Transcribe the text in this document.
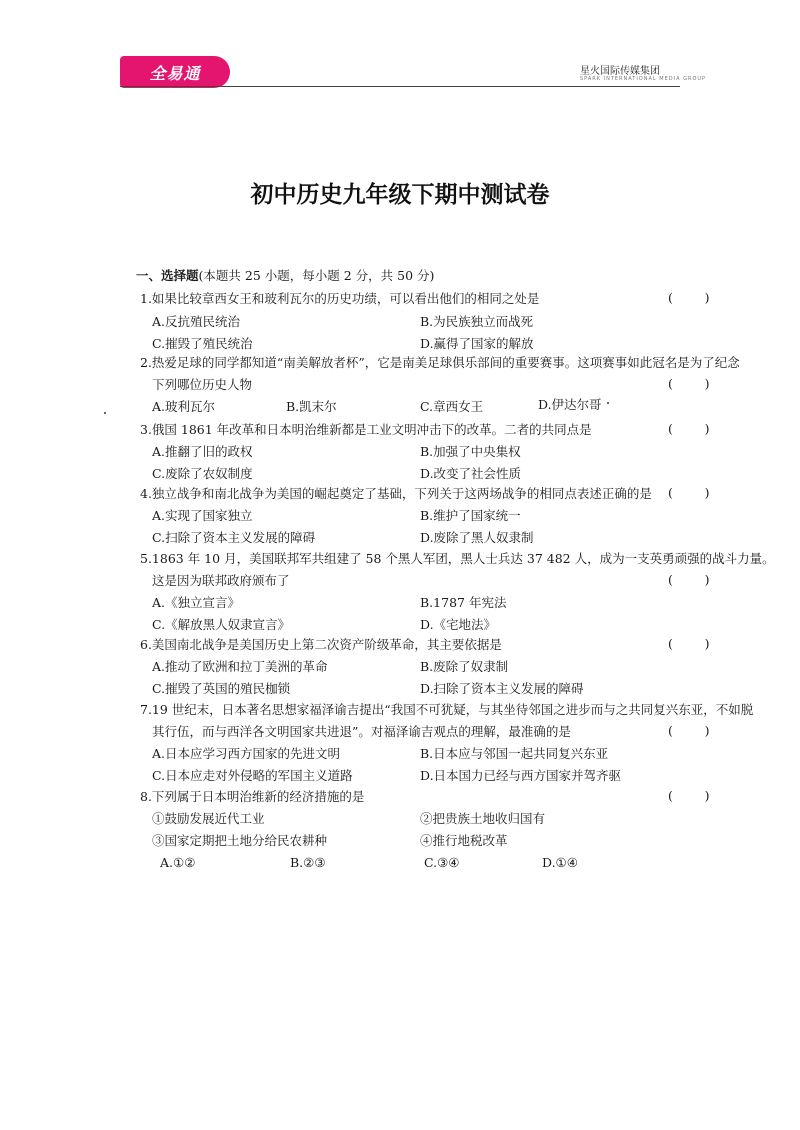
全易通	星火国际传媒集团
SPARK INTERNATIONAL MEDIA GROUP
初中历史九年级下期中测试卷
一、选择题(本题共 25 小题，每小题 2 分，共 50 分)
1.如果比较章西女王和玻利瓦尔的历史功绩，可以看出他们的相同之处是	(        )
A.反抗殖民统治	B.为民族独立而战死
C.摧毁了殖民统治	D.赢得了国家的解放
2.热爱足球的同学都知道“南美解放者杯”，它是南美足球俱乐部间的重要赛事。这项赛事如此冠名是为了纪念
下列哪位历史人物	(        )
A.玻利瓦尔	B.凯末尔	C.章西女王	D.伊达尔哥
3.俄国 1861 年改革和日本明治维新都是工业文明冲击下的改革。二者的共同点是	(        )
A.推翻了旧的政权	B.加强了中央集权
C.废除了农奴制度	D.改变了社会性质
4.独立战争和南北战争为美国的崛起奠定了基础，下列关于这两场战争的相同点表述正确的是 (        )
A.实现了国家独立	B.维护了国家统一
C.扫除了资本主义发展的障碍	D.废除了黑人奴隶制
5.1863 年 10 月，美国联邦军共组建了 58 个黑人军团，黑人士兵达 37 482 人，成为一支英勇顽强的战斗力量。
这是因为联邦政府颁布了	(        )
A.《独立宣言》	B.1787 年宪法
C.《解放黑人奴隶宣言》	D.《宅地法》
6.美国南北战争是美国历史上第二次资产阶级革命，其主要依据是	(        )
A.推动了欧洲和拉丁美洲的革命	B.废除了奴隶制
C.摧毁了英国的殖民枷锁	D.扫除了资本主义发展的障碍
7.19 世纪末，日本著名思想家福泽谕吉提出“我国不可犹疑，与其坐待邻国之进步而与之共同复兴东亚，不如脱
其行伍，而与西洋各文明国家共进退”。对福泽谕吉观点的理解，最准确的是	(        )
A.日本应学习西方国家的先进文明	B.日本应与邻国一起共同复兴东亚
C.日本应走对外侵略的军国主义道路	D.日本国力已经与西方国家并驾齐驱
8.下列属于日本明治维新的经济措施的是	(        )
①鼓励发展近代工业	②把贵族土地收归国有
③国家定期把土地分给民农耕种	④推行地税改革
A.①②	B.②③	C.③④	D.①④
